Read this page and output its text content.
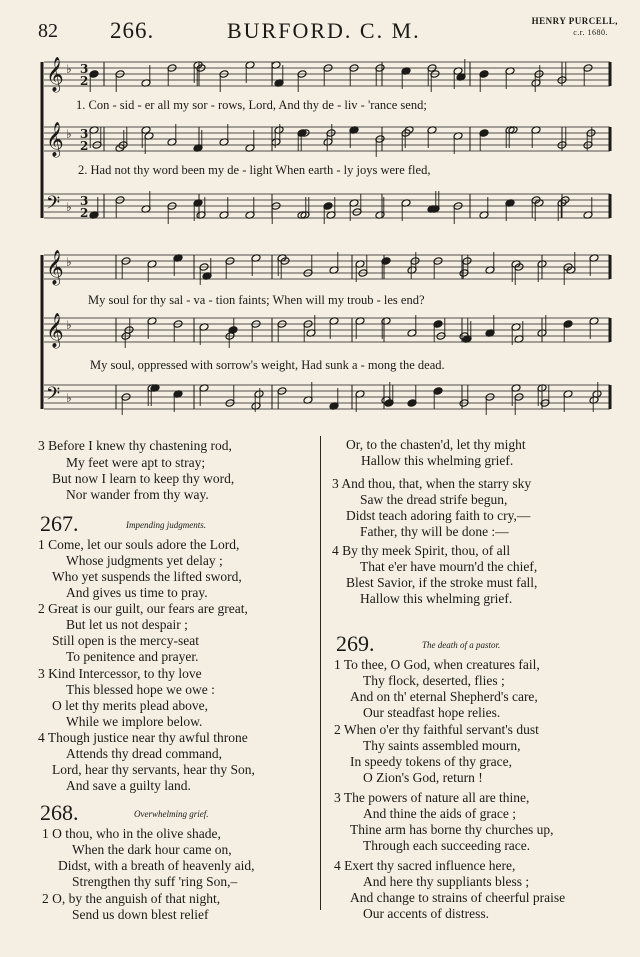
82 266.	BURFORD. C. M.	HENRY PURCELL,
c.r. 1680.
𝄞 ♭ 3
2
𝄞 ♭ 3
2
𝄢 ♭ 3
2
𝄞 ♭
𝄞 ♭
𝄢 ♭
1. Con - sid - er all my sor - rows, Lord, And thy de - liv - 'rance send;
2. Had not thy word been my de - light When earth - ly joys were fled,
My soul for thy sal - va - tion faints; When will my troub - les end?
My soul, oppressed with sorrow's weight, Had sunk a - mong the dead.
3 Before I knew thy chastening rod,
My feet were apt to stray;
But now I learn to keep thy word,
Nor wander from thy way.
267.	Impending judgments.
1 Come, let our souls adore the Lord,
Whose judgments yet delay ;
Who yet suspends the lifted sword,
And gives us time to pray.
2 Great is our guilt, our fears are great,
But let us not despair ;
Still open is the mercy-seat
To penitence and prayer.
3 Kind Intercessor, to thy love
This blessed hope we owe :
O let thy merits plead above,
While we implore below.
4 Though justice near thy awful throne
Attends thy dread command,
Lord, hear thy servants, hear thy Son,
And save a guilty land.
268.	Overwhelming grief.
1 O thou, who in the olive shade,
When the dark hour came on,
Didst, with a breath of heavenly aid,
Strengthen thy suff 'ring Son,–
2 O, by the anguish of that night,
Send us down blest relief
Or, to the chasten'd, let thy might
Hallow this whelming grief.
3 And thou, that, when the starry sky
Saw the dread strife begun,
Didst teach adoring faith to cry,—
Father, thy will be done :—
4 By thy meek Spirit, thou, of all
That e'er have mourn'd the chief,
Blest Savior, if the stroke must fall,
Hallow this whelming grief.
269.	The death of a pastor.
1 To thee, O God, when creatures fail,
Thy flock, deserted, flies ;
And on th' eternal Shepherd's care,
Our steadfast hope relies.
2 When o'er thy faithful servant's dust
Thy saints assembled mourn,
In speedy tokens of thy grace,
O Zion's God, return !
3 The powers of nature all are thine,
And thine the aids of grace ;
Thine arm has borne thy churches up,
Through each succeeding race.
4 Exert thy sacred influence here,
And here thy suppliants bless ;
And change to strains of cheerful praise
Our accents of distress.
